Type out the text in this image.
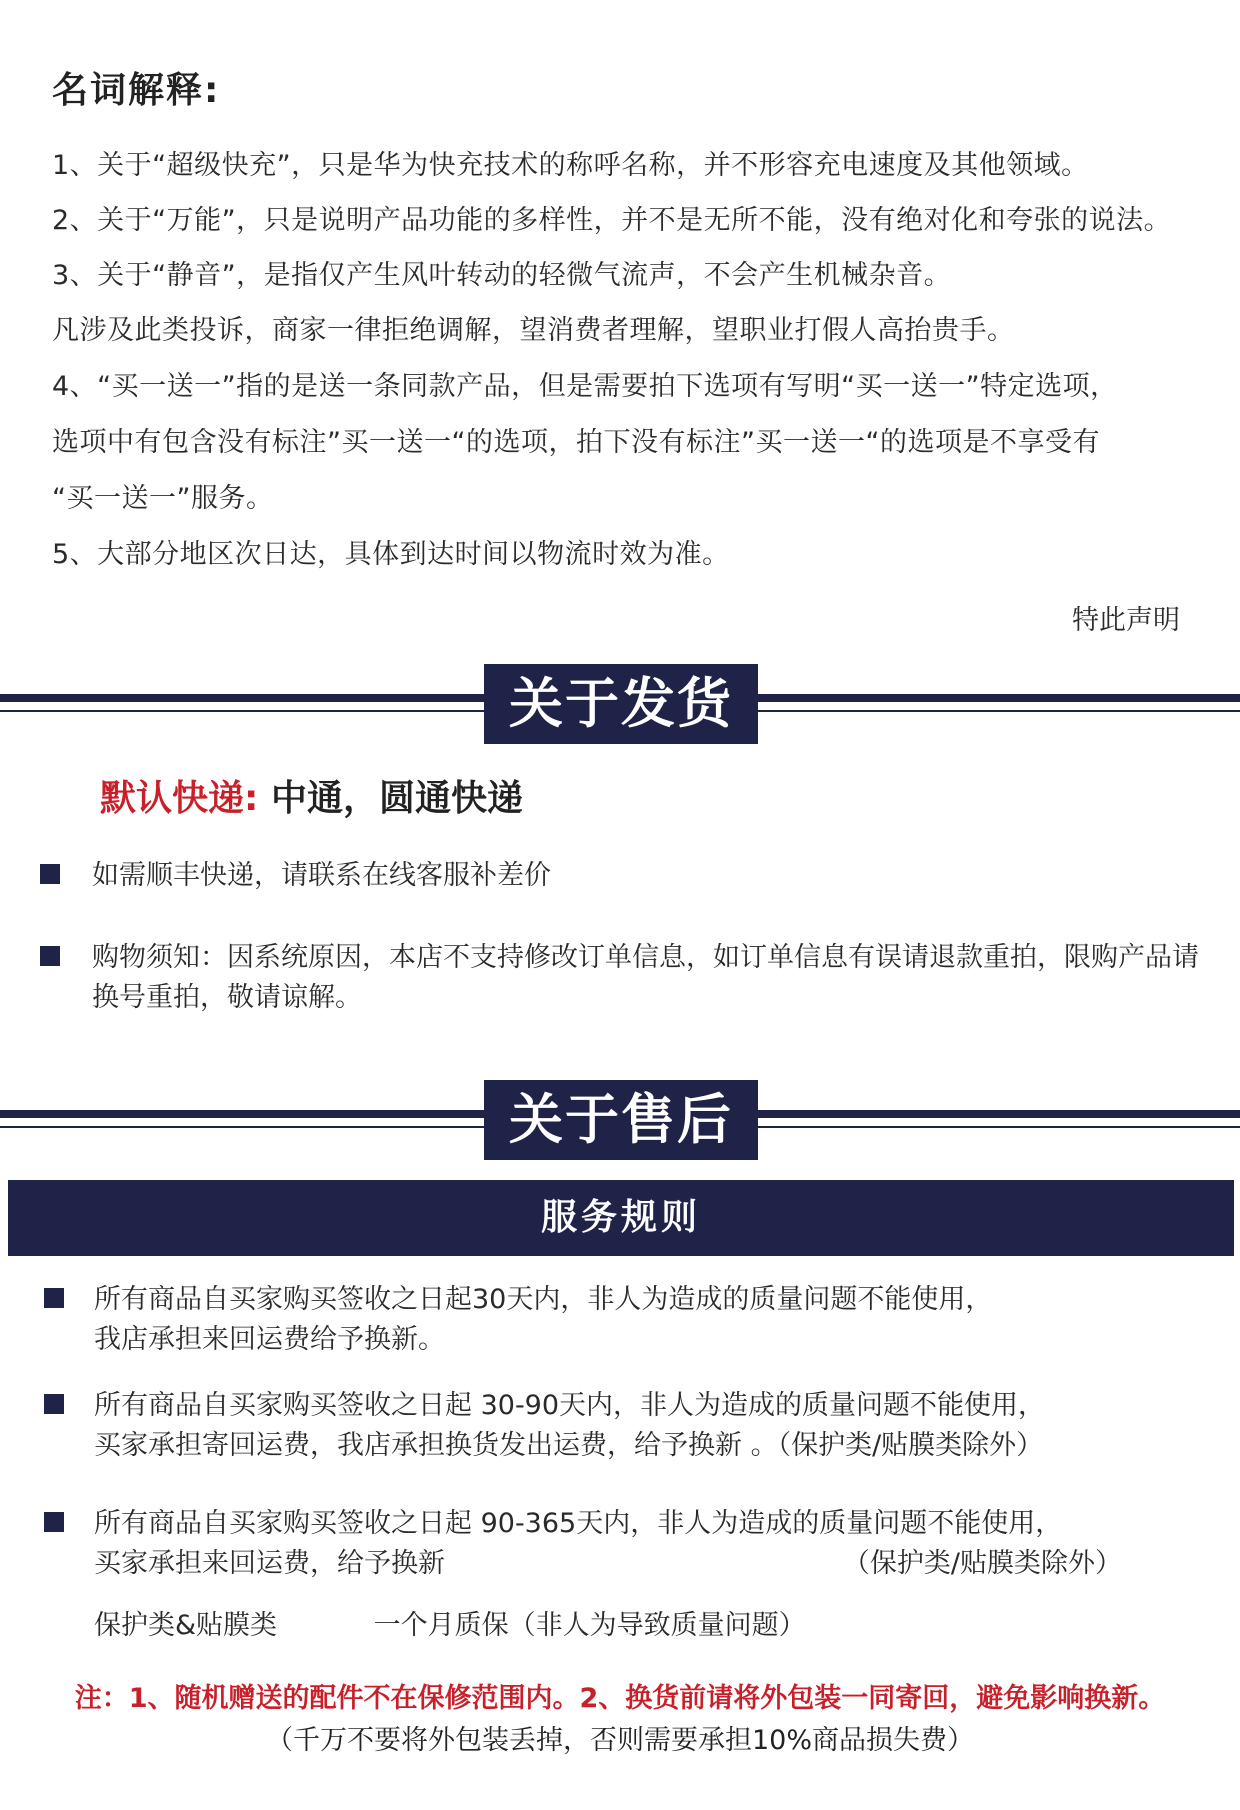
名词解释:
1、关于“超级快充”，只是华为快充技术的称呼名称，并不形容充电速度及其他领域。
2、关于“万能”，只是说明产品功能的多样性，并不是无所不能，没有绝对化和夸张的说法。
3、关于“静音”，是指仅产生风叶转动的轻微气流声，不会产生机械杂音。
凡涉及此类投诉，商家一律拒绝调解，望消费者理解，望职业打假人高抬贵手。
4、“买一送一”指的是送一条同款产品，但是需要拍下选项有写明“买一送一”特定选项，
选项中有包含没有标注”买一送一“的选项，拍下没有标注”买一送一“的选项是不享受有
“买一送一”服务。
5、大部分地区次日达，具体到达时间以物流时效为准。
特此声明
关于发货
默认快递: 中通，圆通快递
如需顺丰快递，请联系在线客服补差价
购物须知：因系统原因，本店不支持修改订单信息，如订单信息有误请退款重拍，限购产品请换号重拍，敬请谅解。
关于售后
服务规则
所有商品自买家购买签收之日起30天内，非人为造成的质量问题不能使用，
我店承担来回运费给予换新。
所有商品自买家购买签收之日起 30-90天内，非人为造成的质量问题不能使用，
买家承担寄回运费，我店承担换货发出运费，给予换新 。（保护类/贴膜类除外）
所有商品自买家购买签收之日起 90-365天内，非人为造成的质量问题不能使用，
买家承担来回运费，给予换新	（保护类/贴膜类除外）
保护类&贴膜类	一个月质保（非人为导致质量问题）
注：1、随机赠送的配件不在保修范围内。2、换货前请将外包装一同寄回，避免影响换新。
（千万不要将外包装丢掉，否则需要承担10%商品损失费）
